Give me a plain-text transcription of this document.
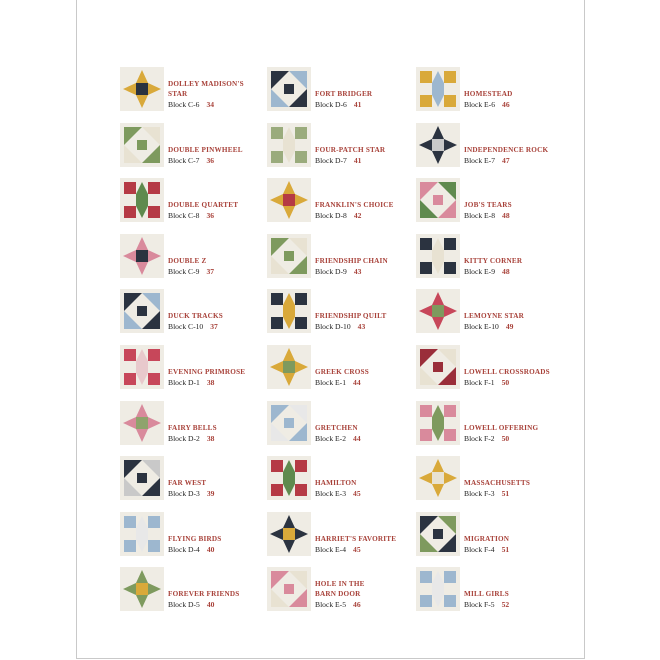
DOLLEY MADISON'S
STAR
Block C-6 34
DOUBLE PINWHEEL
Block C-7 36
DOUBLE QUARTET
Block C-8 36
DOUBLE Z
Block C-9 37
DUCK TRACKS
Block C-10 37
EVENING PRIMROSE
Block D-1 38
FAIRY BELLS
Block D-2 38
FAR WEST
Block D-3 39
FLYING BIRDS
Block D-4 40
FOREVER FRIENDS
Block D-5 40
FORT BRIDGER
Block D-6 41
FOUR-PATCH STAR
Block D-7 41
FRANKLIN'S CHOICE
Block D-8 42
FRIENDSHIP CHAIN
Block D-9 43
FRIENDSHIP QUILT
Block D-10 43
GREEK CROSS
Block E-1 44
GRETCHEN
Block E-2 44
HAMILTON
Block E-3 45
HARRIET'S FAVORITE
Block E-4 45
HOLE IN THE
BARN DOOR
Block E-5 46
HOMESTEAD
Block E-6 46
INDEPENDENCE ROCK
Block E-7 47
JOB'S TEARS
Block E-8 48
KITTY CORNER
Block E-9 48
LEMOYNE STAR
Block E-10 49
LOWELL CROSSROADS
Block F-1 50
LOWELL OFFERING
Block F-2 50
MASSACHUSETTS
Block F-3 51
MIGRATION
Block F-4 51
MILL GIRLS
Block F-5 52
